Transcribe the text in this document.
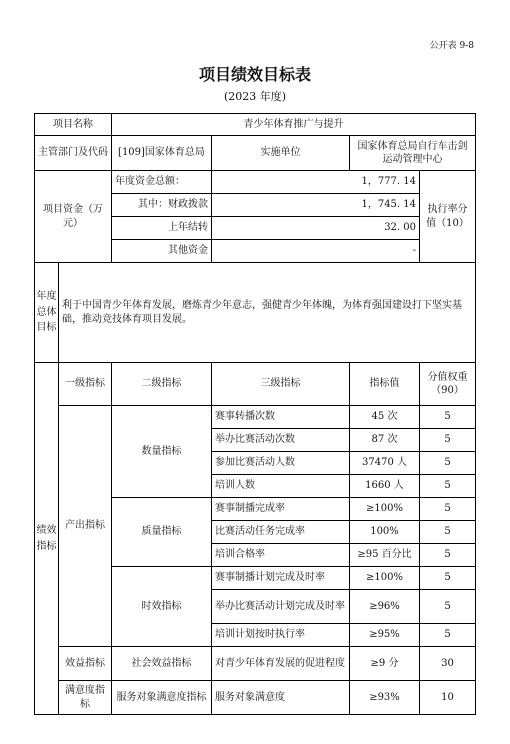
公开表 9-8
项目绩效目标表
(2023 年度)
项目名称		青少年体育推广与提升			
主管部门及代码		[109]国家体育总局	实施单位	国家体育总局自行车击剑运动管理中心	
项目资金（万元）		年度资金总额：	1，777. 14		执行率分值（10）
		其中：财政拨款	1，745. 14		
		上年结转	32. 00		
		其他资金	-		
年度总体目标	利于中国青少年体育发展，磨炼青少年意志，强健青少年体魄，为体育强国建设打下坚实基础，推动竞技体育项目发展。				
绩效指标	一级指标	二级指标	三级指标	指标值	分值权重（90）
	产出指标	数量指标	赛事转播次数	45 次	5
			举办比赛活动次数	87 次	5
			参加比赛活动人数	37470 人	5
			培训人数	1660 人	5
		质量指标	赛事制播完成率	≥100%	5
			比赛活动任务完成率	100%	5
			培训合格率	≥95 百分比	5
		时效指标	赛事制播计划完成及时率	≥100%	5
			举办比赛活动计划完成及时率	≥96%	5
			培训计划按时执行率	≥95%	5
	效益指标	社会效益指标	对青少年体育发展的促进程度	≥9 分	30
	满意度指标	服务对象满意度指标	服务对象满意度	≥93%	10
